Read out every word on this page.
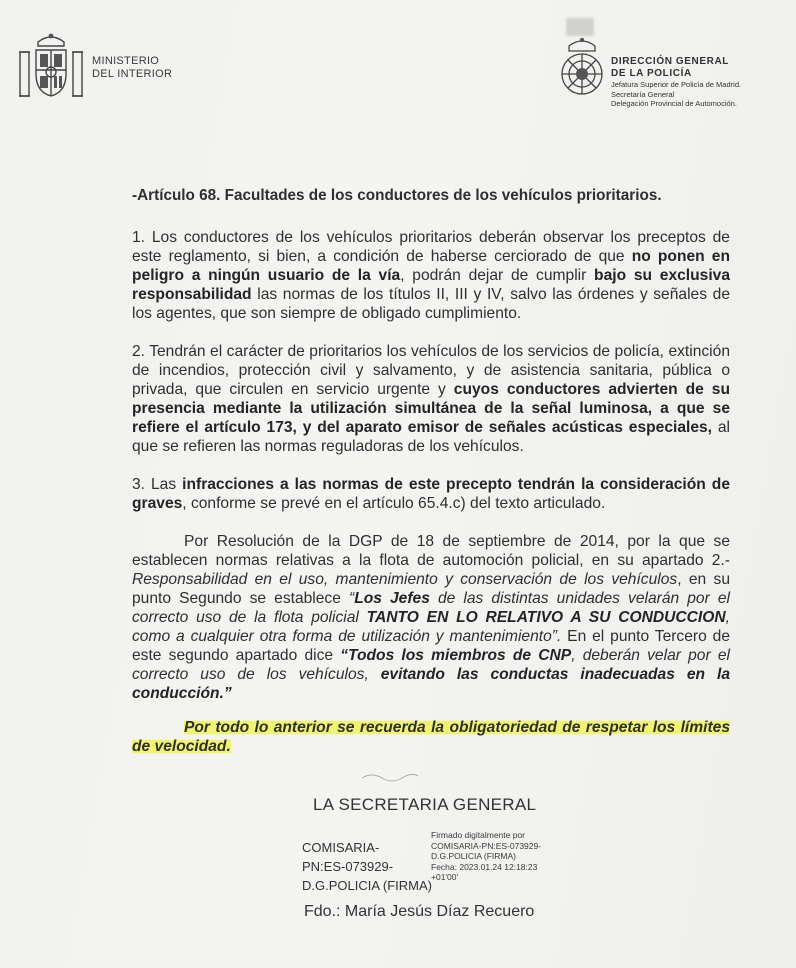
MINISTERIO
DEL INTERIOR
DIRECCIÓN GENERAL
DE LA POLICÍA
Jefatura Superior de Policía de Madrid.
Secretaría General
Delegación Provincial de Automoción.
-Artículo 68. Facultades de los conductores de los vehículos prioritarios.

1. Los conductores de los vehículos prioritarios deberán observar los preceptos de este reglamento, si bien, a condición de haberse cerciorado de que no ponen en peligro a ningún usuario de la vía, podrán dejar de cumplir bajo su exclusiva responsabilidad las normas de los títulos II, III y IV, salvo las órdenes y señales de los agentes, que son siempre de obligado cumplimiento.

2. Tendrán el carácter de prioritarios los vehículos de los servicios de policía, extinción de incendios, protección civil y salvamento, y de asistencia sanitaria, pública o privada, que circulen en servicio urgente y cuyos conductores advierten de su presencia mediante la utilización simultánea de la señal luminosa, a que se refiere el artículo 173, y del aparato emisor de señales acústicas especiales, al que se refieren las normas reguladoras de los vehículos.

3. Las infracciones a las normas de este precepto tendrán la consideración de graves, conforme se prevé en el artículo 65.4.c) del texto articulado.

Por Resolución de la DGP de 18 de septiembre de 2014, por la que se establecen normas relativas a la flota de automoción policial, en su apartado 2.- Responsabilidad en el uso, mantenimiento y conservación de los vehículos, en su punto Segundo se establece “Los Jefes de las distintas unidades velarán por el correcto uso de la flota policial TANTO EN LO RELATIVO A SU CONDUCCION, como a cualquier otra forma de utilización y mantenimiento”. En el punto Tercero de este segundo apartado dice “Todos los miembros de CNP, deberán velar por el correcto uso de los vehículos, evitando las conductas inadecuadas en la conducción.”

Por todo lo anterior se recuerda la obligatoriedad de respetar los límites de velocidad.

LA SECRETARIA GENERAL
COMISARIA-
PN:ES-073929-
D.G.POLICIA (FIRMA)
Firmado digitalmente por
COMISARIA-PN:ES-073929-
D.G.POLICIA (FIRMA)
Fecha: 2023.01.24 12:18:23
+01'00'
Fdo.: María Jesús Díaz Recuero
